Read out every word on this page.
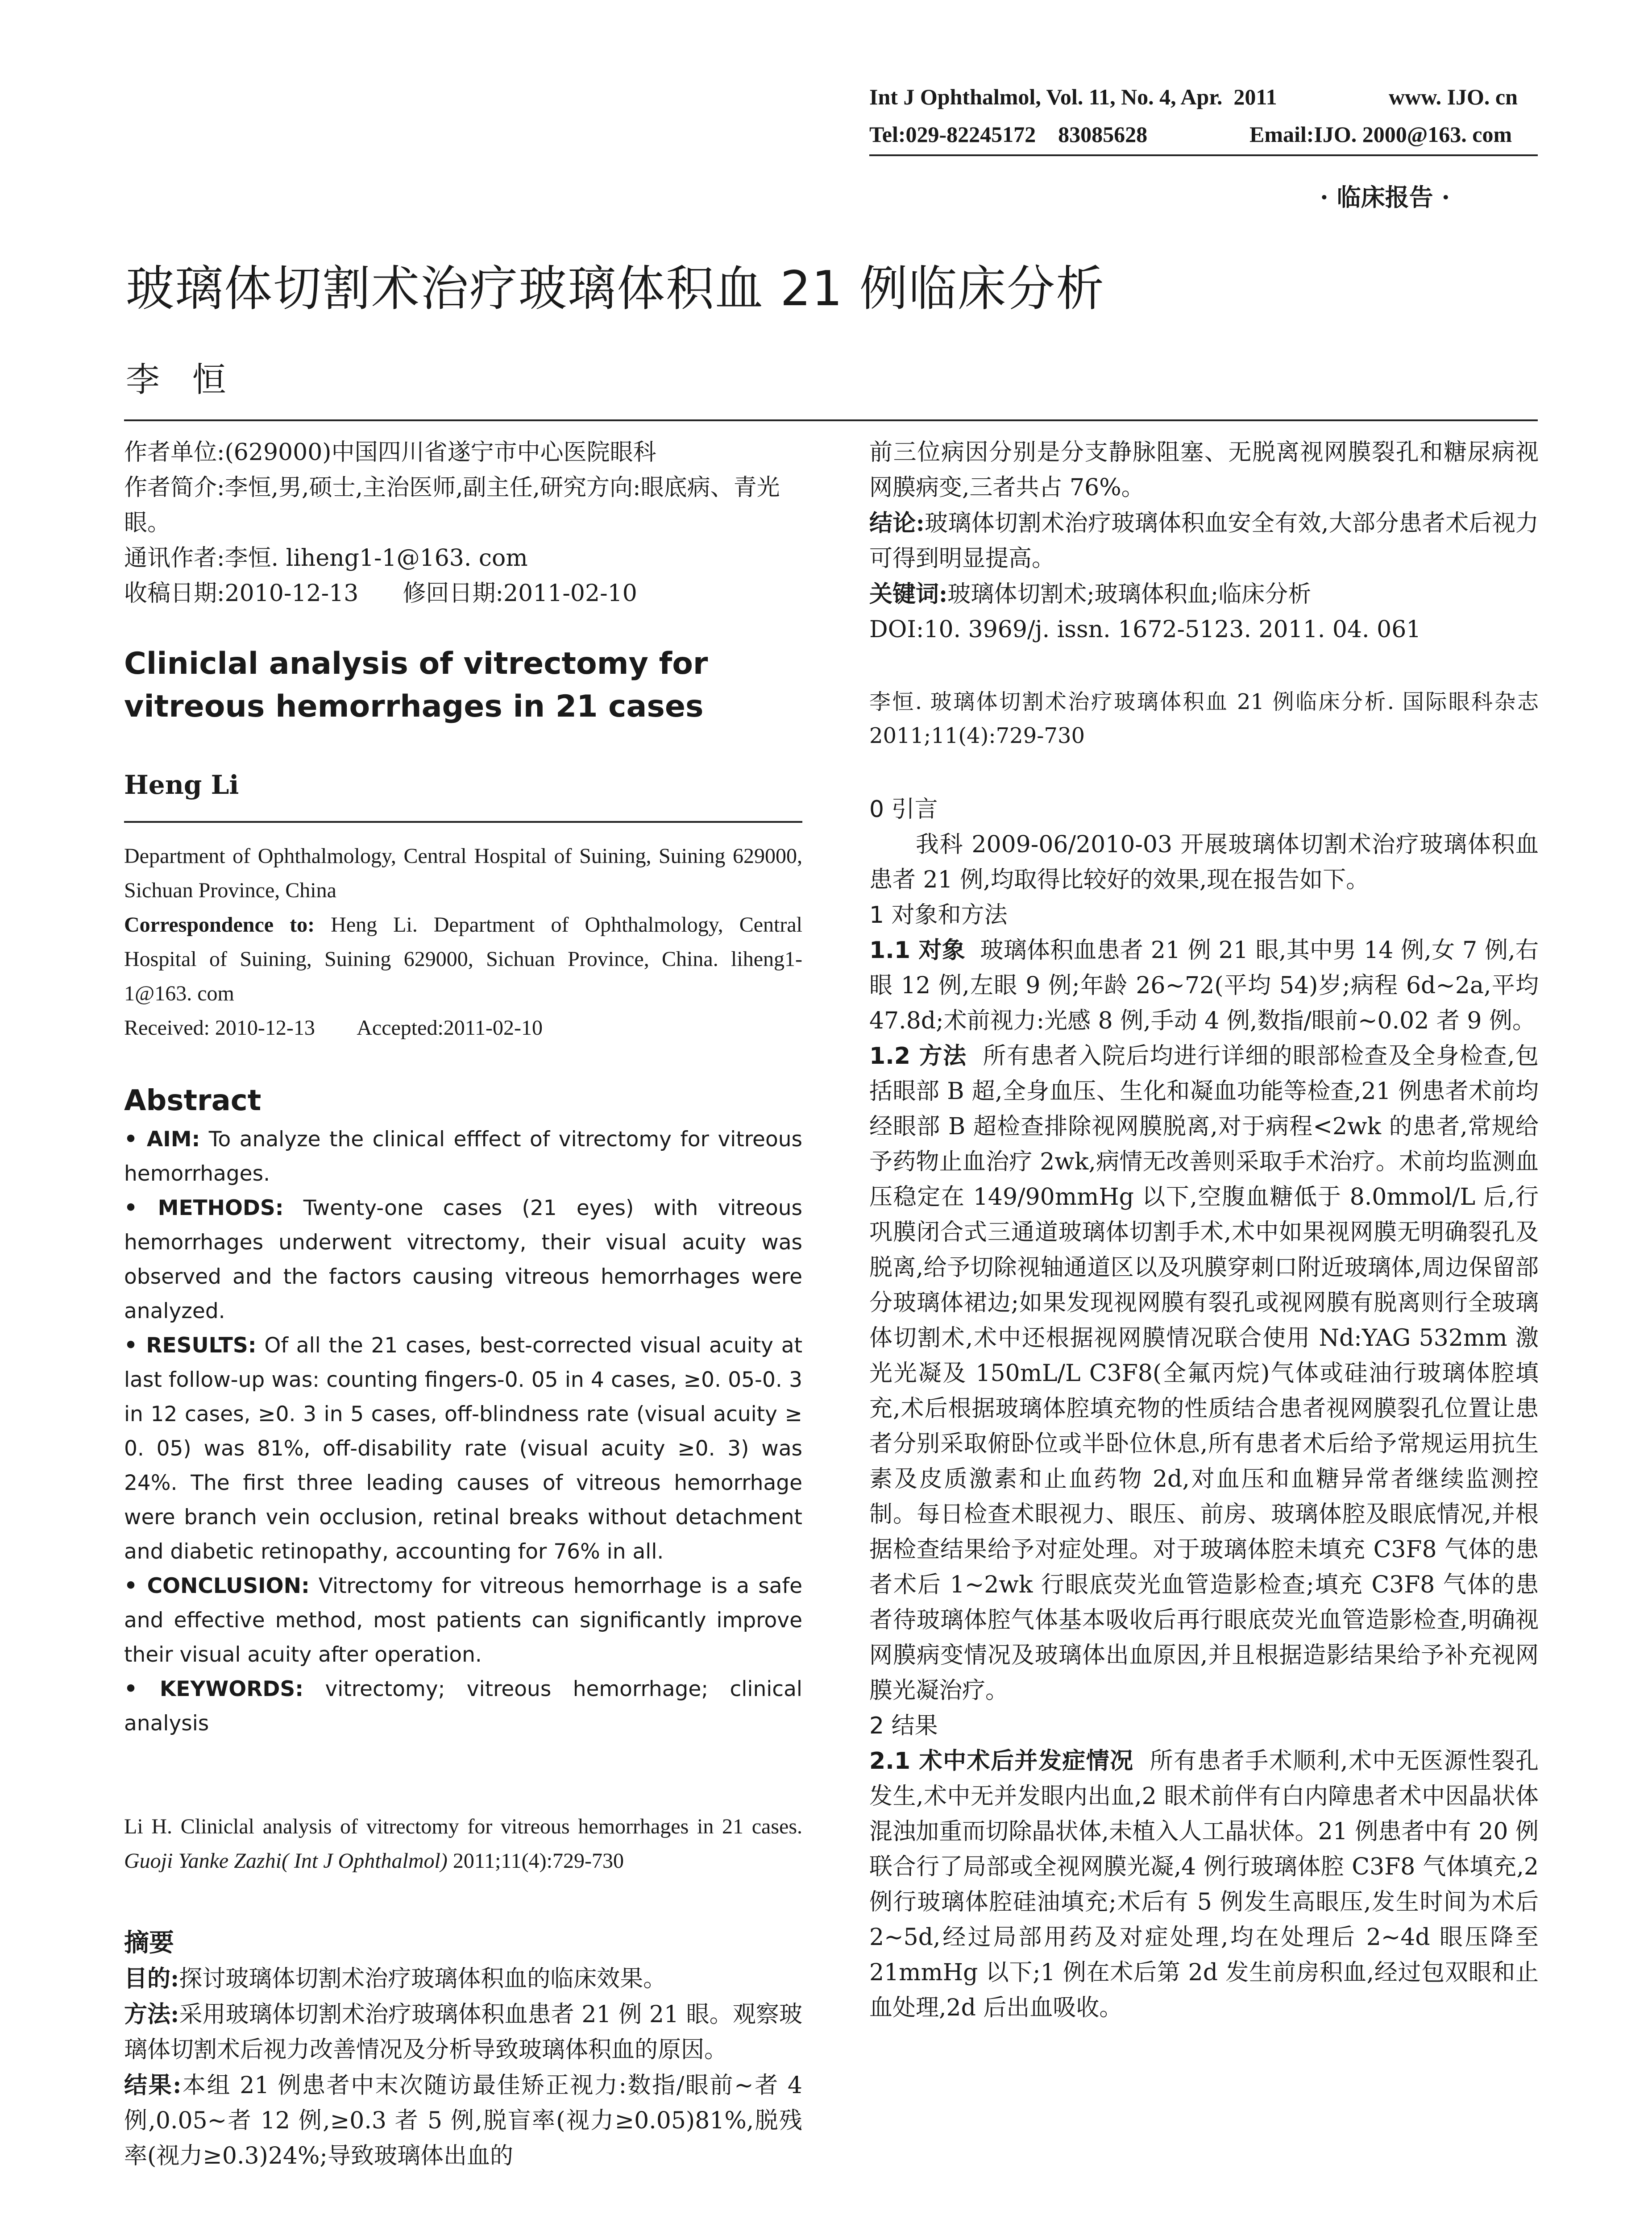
Int J Ophthalmol, Vol. 11, No. 4, Apr.  2011	www. IJO. cn
Tel:029-82245172    83085628	Email:IJO. 2000@163. com
· 临床报告 ·
玻璃体切割术治疗玻璃体积血 21 例临床分析
李   恒

作者单位:(629000)中国四川省遂宁市中心医院眼科

作者简介:李恒,男,硕士,主治医师,副主任,研究方向:眼底病、青光眼。

通讯作者:李恒. liheng1-1@163. com

收稿日期:2010-12-13      修回日期:2011-02-10

Cliniclal analysis of vitrectomy for vitreous hemorrhages in 21 cases
Heng Li

Department of Ophthalmology, Central Hospital of Suining, Suining 629000, Sichuan Province, China

Correspondence to: Heng Li. Department of Ophthalmology, Central Hospital of Suining, Suining 629000, Sichuan Province, China. liheng1-1@163. com

Received: 2010-12-13        Accepted:2011-02-10

Abstract

• AIM: To analyze the clinical efffect of vitrectomy for vitreous hemorrhages.

• METHODS: Twenty-one cases (21 eyes) with vitreous hemorrhages underwent vitrectomy, their visual acuity was observed and the factors causing vitreous hemorrhages were analyzed.

• RESULTS: Of all the 21 cases, best-corrected visual acuity at last follow-up was: counting fingers-0. 05 in 4 cases, ≥0. 05-0. 3 in 12 cases, ≥0. 3 in 5 cases, off-blindness rate (visual acuity ≥ 0. 05) was 81%, off-disability rate (visual acuity ≥0. 3) was 24%. The first three leading causes of vitreous hemorrhage were branch vein occlusion, retinal breaks without detachment and diabetic retinopathy, accounting for 76% in all.

• CONCLUSION: Vitrectomy for vitreous hemorrhage is a safe and effective method, most patients can significantly improve their visual acuity after operation.

• KEYWORDS: vitrectomy; vitreous hemorrhage; clinical analysis

Li H. Cliniclal analysis of vitrectomy for vitreous hemorrhages in 21 cases. Guoji Yanke Zazhi( Int J Ophthalmol) 2011;11(4):729-730
摘要

目的:探讨玻璃体切割术治疗玻璃体积血的临床效果。

方法:采用玻璃体切割术治疗玻璃体积血患者 21 例 21 眼。观察玻璃体切割术后视力改善情况及分析导致玻璃体积血的原因。

结果:本组 21 例患者中末次随访最佳矫正视力:数指/眼前~者 4 例,0.05~者 12 例,≥0.3 者 5 例,脱盲率(视力≥0.05)81%,脱残率(视力≥0.3)24%;导致玻璃体出血的

前三位病因分别是分支静脉阻塞、无脱离视网膜裂孔和糖尿病视网膜病变,三者共占 76%。

结论:玻璃体切割术治疗玻璃体积血安全有效,大部分患者术后视力可得到明显提高。

关键词:玻璃体切割术;玻璃体积血;临床分析

DOI:10. 3969/j. issn. 1672-5123. 2011. 04. 061

李恒. 玻璃体切割术治疗玻璃体积血 21 例临床分析. 国际眼科杂志 2011;11(4):729-730

0 引言

我科 2009-06/2010-03 开展玻璃体切割术治疗玻璃体积血患者 21 例,均取得比较好的效果,现在报告如下。

1 对象和方法

1.1 对象 玻璃体积血患者 21 例 21 眼,其中男 14 例,女 7 例,右眼 12 例,左眼 9 例;年龄 26~72(平均 54)岁;病程 6d~2a,平均 47.8d;术前视力:光感 8 例,手动 4 例,数指/眼前~0.02 者 9 例。

1.2 方法 所有患者入院后均进行详细的眼部检查及全身检查,包括眼部 B 超,全身血压、生化和凝血功能等检查,21 例患者术前均经眼部 B 超检查排除视网膜脱离,对于病程<2wk 的患者,常规给予药物止血治疗 2wk,病情无改善则采取手术治疗。术前均监测血压稳定在 149/90mmHg 以下,空腹血糖低于 8.0mmol/L 后,行巩膜闭合式三通道玻璃体切割手术,术中如果视网膜无明确裂孔及脱离,给予切除视轴通道区以及巩膜穿刺口附近玻璃体,周边保留部分玻璃体裙边;如果发现视网膜有裂孔或视网膜有脱离则行全玻璃体切割术,术中还根据视网膜情况联合使用 Nd:YAG 532mm 激光光凝及 150mL/L C3F8(全氟丙烷)气体或硅油行玻璃体腔填充,术后根据玻璃体腔填充物的性质结合患者视网膜裂孔位置让患者分别采取俯卧位或半卧位休息,所有患者术后给予常规运用抗生素及皮质激素和止血药物 2d,对血压和血糖异常者继续监测控制。每日检查术眼视力、眼压、前房、玻璃体腔及眼底情况,并根据检查结果给予对症处理。对于玻璃体腔未填充 C3F8 气体的患者术后 1~2wk 行眼底荧光血管造影检查;填充 C3F8 气体的患者待玻璃体腔气体基本吸收后再行眼底荧光血管造影检查,明确视网膜病变情况及玻璃体出血原因,并且根据造影结果给予补充视网膜光凝治疗。

2 结果

2.1 术中术后并发症情况 所有患者手术顺利,术中无医源性裂孔发生,术中无并发眼内出血,2 眼术前伴有白内障患者术中因晶状体混浊加重而切除晶状体,未植入人工晶状体。21 例患者中有 20 例联合行了局部或全视网膜光凝,4 例行玻璃体腔 C3F8 气体填充,2 例行玻璃体腔硅油填充;术后有 5 例发生高眼压,发生时间为术后 2~5d,经过局部用药及对症处理,均在处理后 2~4d 眼压降至 21mmHg 以下;1 例在术后第 2d 发生前房积血,经过包双眼和止血处理,2d 后出血吸收。
